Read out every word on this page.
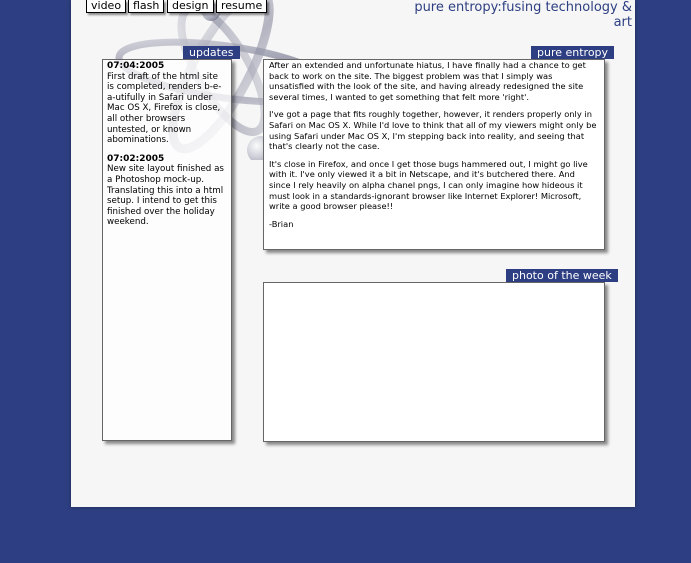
video	flash	design	resume	pure entropy:fusing technology & art
updates
07:04:2005
First draft of the html site is completed, renders b-e-a-utifully in Safari under Mac OS X, Firefox is close, all other browsers untested, or known abominations.
07:02:2005
New site layout finished as a Photoshop mock-up. Translating this into a html setup. I intend to get this finished over the holiday weekend.
pure entropy

After an extended and unfortunate hiatus, I have finally had a chance to get back to work on the site. The biggest problem was that I simply was unsatisfied with the look of the site, and having already redesigned the site several times, I wanted to get something that felt more 'right'.

I've got a page that fits roughly together, however, it renders properly only in Safari on Mac OS X. While I'd love to think that all of my viewers might only be using Safari under Mac OS X, I'm stepping back into reality, and seeing that that's clearly not the case.

It's close in Firefox, and once I get those bugs hammered out, I might go live with it. I've only viewed it a bit in Netscape, and it's butchered there. And since I rely heavily on alpha chanel pngs, I can only imagine how hideous it must look in a standards-ignorant browser like Internet Explorer! Microsoft, write a good browser please!!

-Brian

photo of the week
